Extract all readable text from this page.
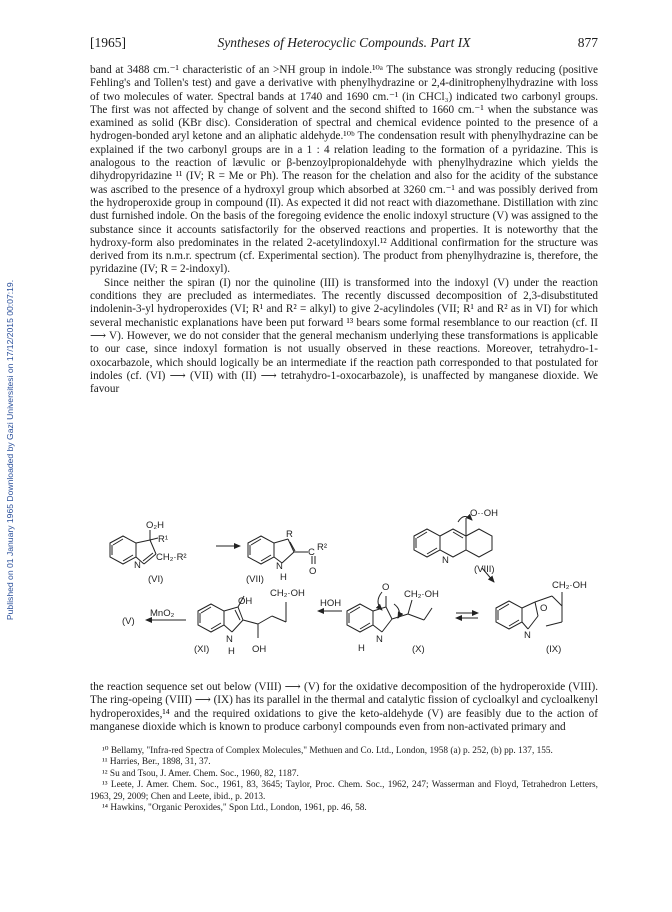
Published on 01 January 1965 Downloaded by Gazi Universitesi on 17/12/2015 00:07:19.
[1965]	Syntheses of Heterocyclic Compounds. Part IX	877

band at 3488 cm.⁻¹ characteristic of an >NH group in indole.¹⁰ᵃ The substance was strongly reducing (positive Fehling's and Tollen's test) and gave a derivative with phenylhydrazine or 2,4-dinitrophenylhydrazine with loss of two molecules of water. Spectral bands at 1740 and 1690 cm.⁻¹ (in CHCl₃) indicated two carbonyl groups. The first was not affected by change of solvent and the second shifted to 1660 cm.⁻¹ when the substance was examined as solid (KBr disc). Consideration of spectral and chemical evidence pointed to the presence of a hydrogen-bonded aryl ketone and an aliphatic aldehyde.¹⁰ᵇ The condensation result with phenylhydrazine can be explained if the two carbonyl groups are in a 1 : 4 relation leading to the formation of a pyridazine. This is analogous to the reaction of lævulic or β-benzoylpropionaldehyde with phenylhydrazine which yields the dihydropyridazine ¹¹ (IV; R = Me or Ph). The reason for the chelation and also for the acidity of the substance was ascribed to the presence of a hydroxyl group which absorbed at 3260 cm.⁻¹ and was possibly derived from the hydroperoxide group in compound (II). As expected it did not react with diazomethane. Distillation with zinc dust furnished indole. On the basis of the foregoing evidence the enolic indoxyl structure (V) was assigned to the substance since it accounts satisfactorily for the observed reactions and properties. It is noteworthy that the hydroxy-form also predominates in the related 2-acetylindoxyl.¹² Additional confirmation for the structure was derived from its n.m.r. spectrum (cf. Experimental section). The product from phenylhydrazine is, therefore, the pyridazine (IV; R = 2-indoxyl).

Since neither the spiran (I) nor the quinoline (III) is transformed into the indoxyl (V) under the reaction conditions they are precluded as intermediates. The recently discussed decomposition of 2,3-disubstituted indolenin-3-yl hydroperoxides (VI; R¹ and R² = alkyl) to give 2-acylindoles (VII; R¹ and R² as in VI) for which several mechanistic explanations have been put forward ¹³ bears some formal resemblance to our reaction (cf. II ⟶ V). However, we do not consider that the general mechanism underlying these transformations is applicable to our case, since indoxyl formation is not usually observed in these reactions. Moreover, tetrahydro-1-oxocarbazole, which should logically be an intermediate if the reaction path corresponded to that postulated for indoles (cf. (VI) ⟶ (VII) with (II) ⟶ tetrahydro-1-oxocarbazole), is unaffected by manganese dioxide. We favour

O··OH
O₂H
R¹
CH₂·R²
N
(VI)
R
N
H
C R²
O
(VII)
N
(VIII)
CH₂·OH
O
N
(IX)
O
CH₂·OH
N
H	(X)
HOH
CH₂·OH
OH
N
H OH
(XI)
MnO₂
(V)

the reaction sequence set out below (VIII) ⟶ (V) for the oxidative decomposition of the hydroperoxide (VIII). The ring-opeing (VIII) ⟶ (IX) has its parallel in the thermal and catalytic fission of cycloalkyl and cycloalkenyl hydroperoxides,¹⁴ and the required oxidations to give the keto-aldehyde (V) are feasibly due to the action of manganese dioxide which is known to produce carbonyl compounds even from non-activated primary and

¹⁰ Bellamy, "Infra-red Spectra of Complex Molecules," Methuen and Co. Ltd., London, 1958 (a) p. 252, (b) pp. 137, 155.

¹¹ Harries, Ber., 1898, 31, 37.

¹² Su and Tsou, J. Amer. Chem. Soc., 1960, 82, 1187.

¹³ Leete, J. Amer. Chem. Soc., 1961, 83, 3645; Taylor, Proc. Chem. Soc., 1962, 247; Wasserman and Floyd, Tetrahedron Letters, 1963, 29, 2009; Chen and Leete, ibid., p. 2013.

¹⁴ Hawkins, "Organic Peroxides," Spon Ltd., London, 1961, pp. 46, 58.
